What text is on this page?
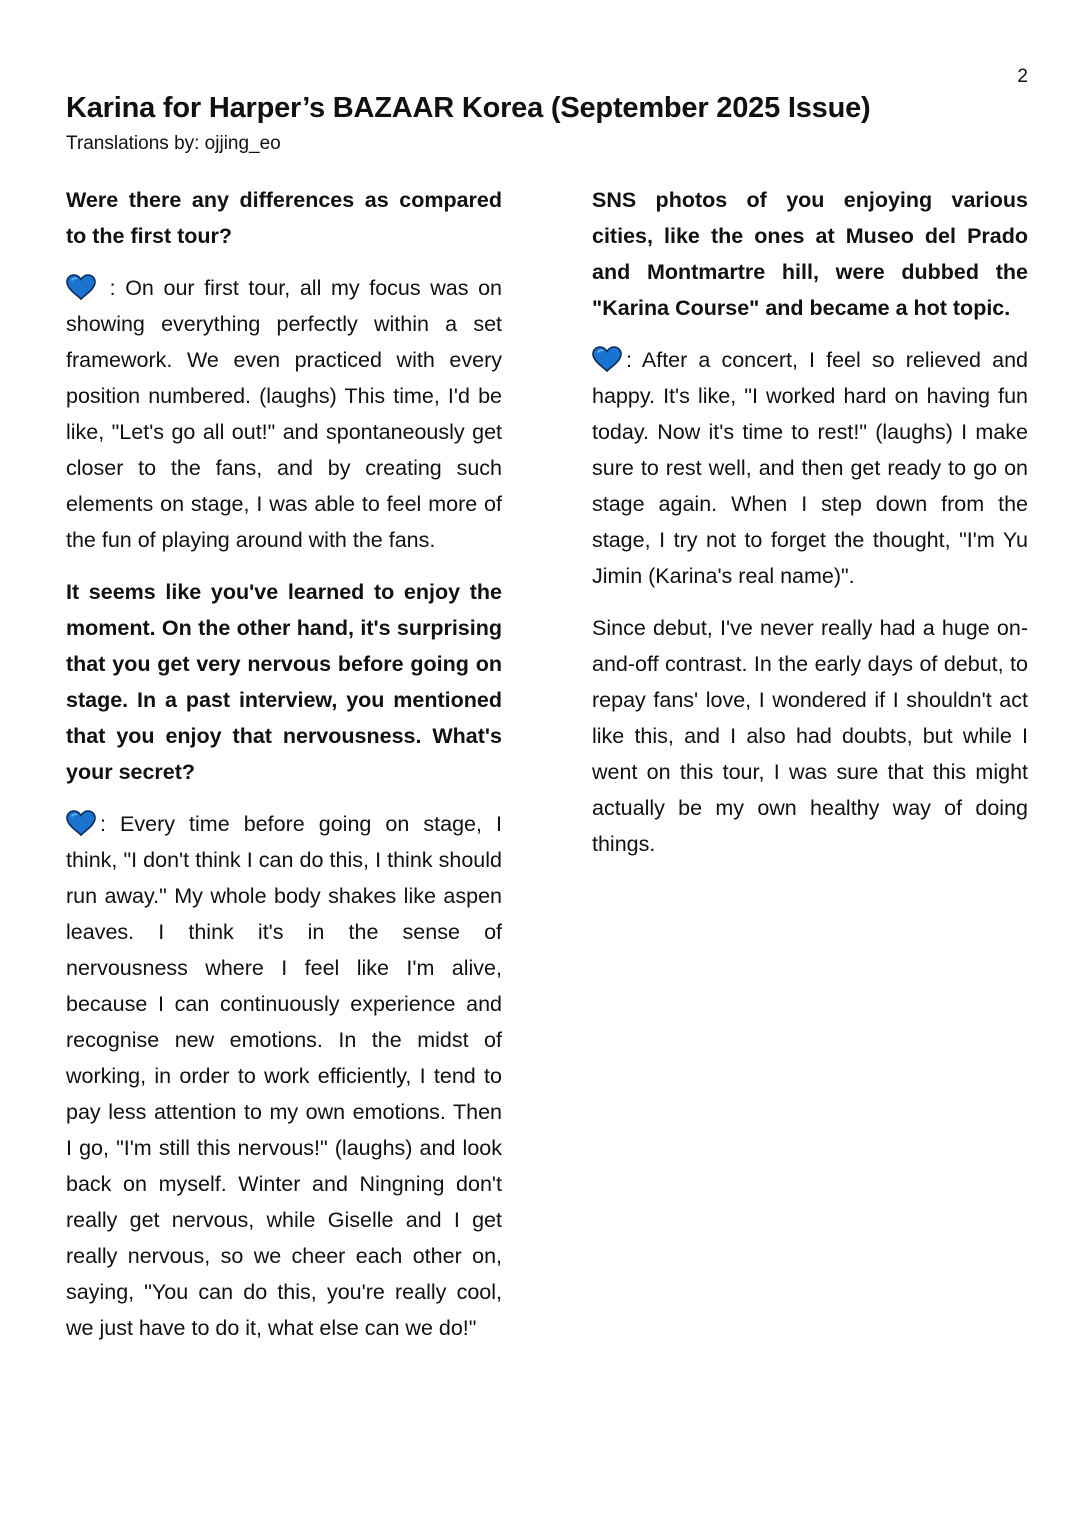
2
Karina for Harper’s BAZAAR Korea (September 2025 Issue)
Translations by: ojjing_eo

Were there any differences as compared to the first tour?

: On our first tour, all my focus was on showing everything perfectly within a set framework. We even practiced with every position numbered. (laughs) This time, I'd be like, "Let's go all out!" and spontaneously get closer to the fans, and by creating such elements on stage, I was able to feel more of the fun of playing around with the fans.

It seems like you've learned to enjoy the moment. On the other hand, it's surprising that you get very nervous before going on stage. In a past interview, you mentioned that you enjoy that nervousness. What's your secret?

: Every time before going on stage, I think, "I don't think I can do this, I think should run away." My whole body shakes like aspen leaves. I think it's in the sense of nervousness where I feel like I'm alive, because I can continuously experience and recognise new emotions. In the midst of working, in order to work efficiently, I tend to pay less attention to my own emotions. Then I go, "I'm still this nervous!" (laughs) and look back on myself. Winter and Ningning don't really get nervous, while Giselle and I get really nervous, so we cheer each other on, saying, "You can do this, you're really cool, we just have to do it, what else can we do!"

SNS photos of you enjoying various cities, like the ones at Museo del Prado and Montmartre hill, were dubbed the "Karina Course" and became a hot topic.

: After a concert, I feel so relieved and happy. It's like, "I worked hard on having fun today. Now it's time to rest!" (laughs) I make sure to rest well, and then get ready to go on stage again. When I step down from the stage, I try not to forget the thought, "I'm Yu Jimin (Karina's real name)".

Since debut, I've never really had a huge on-and-off contrast. In the early days of debut, to repay fans' love, I wondered if I shouldn't act like this, and I also had doubts, but while I went on this tour, I was sure that this might actually be my own healthy way of doing things.
